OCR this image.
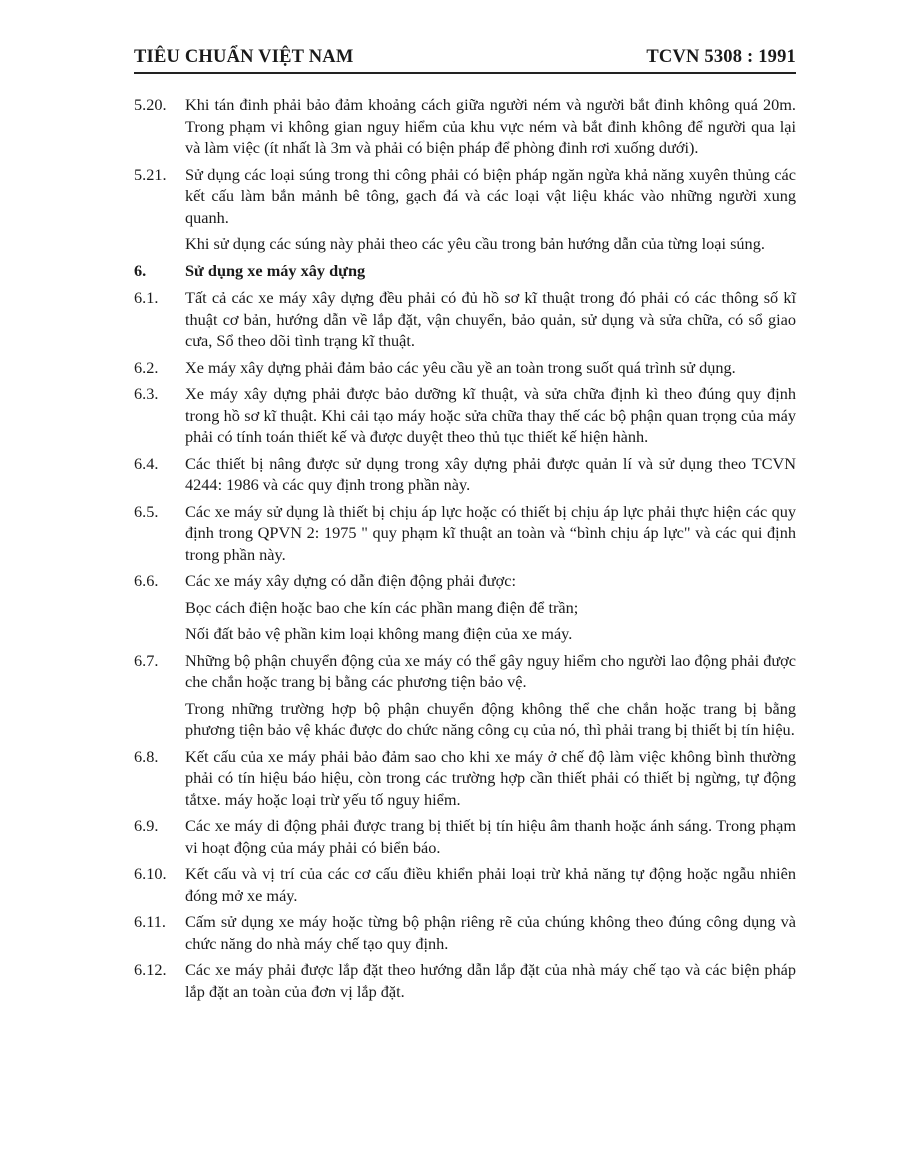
TIÊU CHUẨN VIỆT NAM	TCVN 5308 : 1991
5.20.	Khi tán đinh phải bảo đảm khoảng cách giữa người ném và người bắt đinh không quá 20m. Trong phạm vi không gian nguy hiểm của khu vực ném và bắt đinh không để người qua lại và làm việc (ít nhất là 3m và phải có biện pháp để phòng đinh rơi xuống dưới).

5.21.	Sử dụng các loại súng trong thi công phải có biện pháp ngăn ngừa khả năng xuyên thủng các kết cấu làm bắn mảnh bê tông, gạch đá và các loại vật liệu khác vào những người xung quanh.

Khi sử dụng các súng này phải theo các yêu cầu trong bản hướng dẫn của từng loại súng.

6.	Sử dụng xe máy xây dựng
6.1.	Tất cả các xe máy xây dựng đều phải có đủ hồ sơ kĩ thuật trong đó phải có các thông số kĩ thuật cơ bản, hướng dẫn về lắp đặt, vận chuyển, bảo quản, sử dụng và sửa chữa, có sổ giao cưa, Sổ theo dõi tình trạng kĩ thuật.

6.2.	Xe máy xây dựng phải đảm bảo các yêu cầu yề an toàn trong suốt quá trình sử dụng.

6.3.	Xe máy xây dựng phải được bảo dưỡng kĩ thuật, và sửa chữa định kì theo đúng quy định trong hồ sơ kĩ thuật. Khi cải tạo máy hoặc sửa chữa thay thế các bộ phận quan trọng của máy phải có tính toán thiết kế và được duyệt theo thủ tục thiết kế hiện hành.

6.4.	Các thiết bị nâng được sử dụng trong xây dựng phải được quản lí và sử dụng theo TCVN 4244: 1986 và các quy định trong phần này.

6.5.	Các xe máy sử dụng là thiết bị chịu áp lực hoặc có thiết bị chịu áp lực phải thực hiện các quy định trong QPVN 2: 1975 " quy phạm kĩ thuật an toàn và “bình chịu áp lực" và các qui định trong phần này.

6.6.	Các xe máy xây dựng có dẫn điện động phải được:

Bọc cách điện hoặc bao che kín các phần mang điện để trần;

Nối đất bảo vệ phần kim loại không mang điện của xe máy.

6.7.	Những bộ phận chuyển động của xe máy có thể gây nguy hiểm cho người lao động phải được che chắn hoặc trang bị bằng các phương tiện bảo vệ.

Trong những trường hợp bộ phận chuyển động không thể che chắn hoặc trang bị bằng phương tiện bảo vệ khác được do chức năng công cụ của nó, thì phải trang bị thiết bị tín hiệu.

6.8.	Kết cấu của xe máy phải bảo đảm sao cho khi xe máy ở chế độ làm việc không bình thường phải có tín hiệu báo hiệu, còn trong các trường hợp cần thiết phải có thiết bị ngừng, tự động tắtxe. máy hoặc loại trừ yếu tố nguy hiểm.

6.9.	Các xe máy di động phải được trang bị thiết bị tín hiệu âm thanh hoặc ánh sáng. Trong phạm vi hoạt động của máy phải có biển báo.

6.10.	Kết cấu và vị trí của các cơ cấu điều khiển phải loại trừ khả năng tự động hoặc ngẫu nhiên đóng mở xe máy.

6.11.	Cấm sử dụng xe máy hoặc từng bộ phận riêng rẽ của chúng không theo đúng công dụng và chức năng do nhà máy chế tạo quy định.

6.12.	Các xe máy phải được lắp đặt theo hướng dẫn lắp đặt của nhà máy chế tạo và các biện pháp lắp đặt an toàn của đơn vị lắp đặt.
